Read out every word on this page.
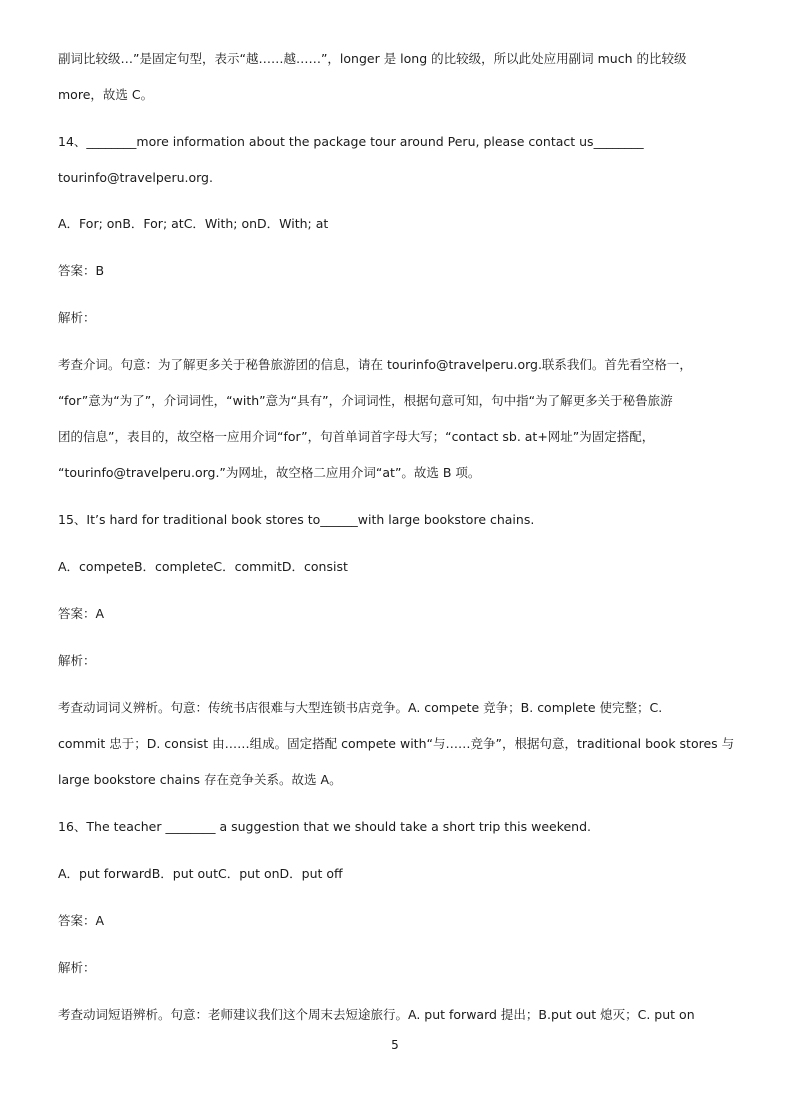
副词比较级…”是固定句型，表示“越……越……”，longer 是 long 的比较级，所以此处应用副词 much 的比较级
more，故选 C。
14、________more information about the package tour around Peru, please contact us________
tourinfo@travelperu.org.
A．For; onB．For; atC．With; onD．With; at
答案：B
解析：
考查介词。句意：为了解更多关于秘鲁旅游团的信息，请在 tourinfo@travelperu.org.联系我们。首先看空格一，
“for”意为“为了”，介词词性，“with”意为“具有”，介词词性，根据句意可知，句中指“为了解更多关于秘鲁旅游
团的信息”，表目的，故空格一应用介词“for”，句首单词首字母大写；“contact sb. at+网址”为固定搭配，
“tourinfo@travelperu.org.”为网址，故空格二应用介词“at”。故选 B 项。
15、It’s hard for traditional book stores to______with large bookstore chains.
A．competeB．completeC．commitD．consist
答案：A
解析：
考查动词词义辨析。句意：传统书店很难与大型连锁书店竞争。A. compete 竞争；B. complete 使完整；C.
commit 忠于；D. consist 由……组成。固定搭配 compete with“与……竞争”，根据句意，traditional book stores 与
large bookstore chains 存在竞争关系。故选 A。
16、The teacher ________ a suggestion that we should take a short trip this weekend.
A．put forwardB．put outC．put onD．put off
答案：A
解析：
考查动词短语辨析。句意：老师建议我们这个周末去短途旅行。A. put forward 提出；B.put out 熄灭；C. put on
5
